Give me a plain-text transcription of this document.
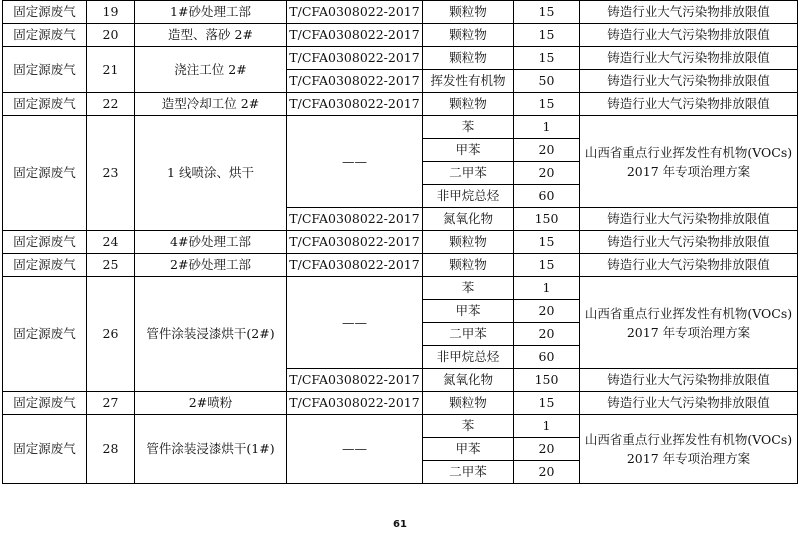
固定源废气	19	1#砂处理工部	T/CFA0308022-2017	颗粒物	15	铸造行业大气污染物排放限值
固定源废气	20	造型、落砂 2#	T/CFA0308022-2017	颗粒物	15	铸造行业大气污染物排放限值
固定源废气	21	浇注工位 2#	T/CFA0308022-2017	颗粒物	15	铸造行业大气污染物排放限值
			T/CFA0308022-2017	挥发性有机物	50	铸造行业大气污染物排放限值
固定源废气	22	造型冷却工位 2#	T/CFA0308022-2017	颗粒物	15	铸造行业大气污染物排放限值
固定源废气	23	1 线喷涂、烘干	——	苯	1	山西省重点行业挥发性有机物(VOCs) 2017 年专项治理方案
				甲苯	20	
				二甲苯	20	
				非甲烷总烃	60	
			T/CFA0308022-2017	氮氧化物	150	铸造行业大气污染物排放限值
固定源废气	24	4#砂处理工部	T/CFA0308022-2017	颗粒物	15	铸造行业大气污染物排放限值
固定源废气	25	2#砂处理工部	T/CFA0308022-2017	颗粒物	15	铸造行业大气污染物排放限值
固定源废气	26	管件涂装浸漆烘干(2#)	——	苯	1	山西省重点行业挥发性有机物(VOCs) 2017 年专项治理方案
				甲苯	20	
				二甲苯	20	
				非甲烷总烃	60	
			T/CFA0308022-2017	氮氧化物	150	铸造行业大气污染物排放限值
固定源废气	27	2#喷粉	T/CFA0308022-2017	颗粒物	15	铸造行业大气污染物排放限值
固定源废气	28	管件涂装浸漆烘干(1#)	——	苯	1	山西省重点行业挥发性有机物(VOCs) 2017 年专项治理方案
				甲苯	20	
				二甲苯	20	
61
